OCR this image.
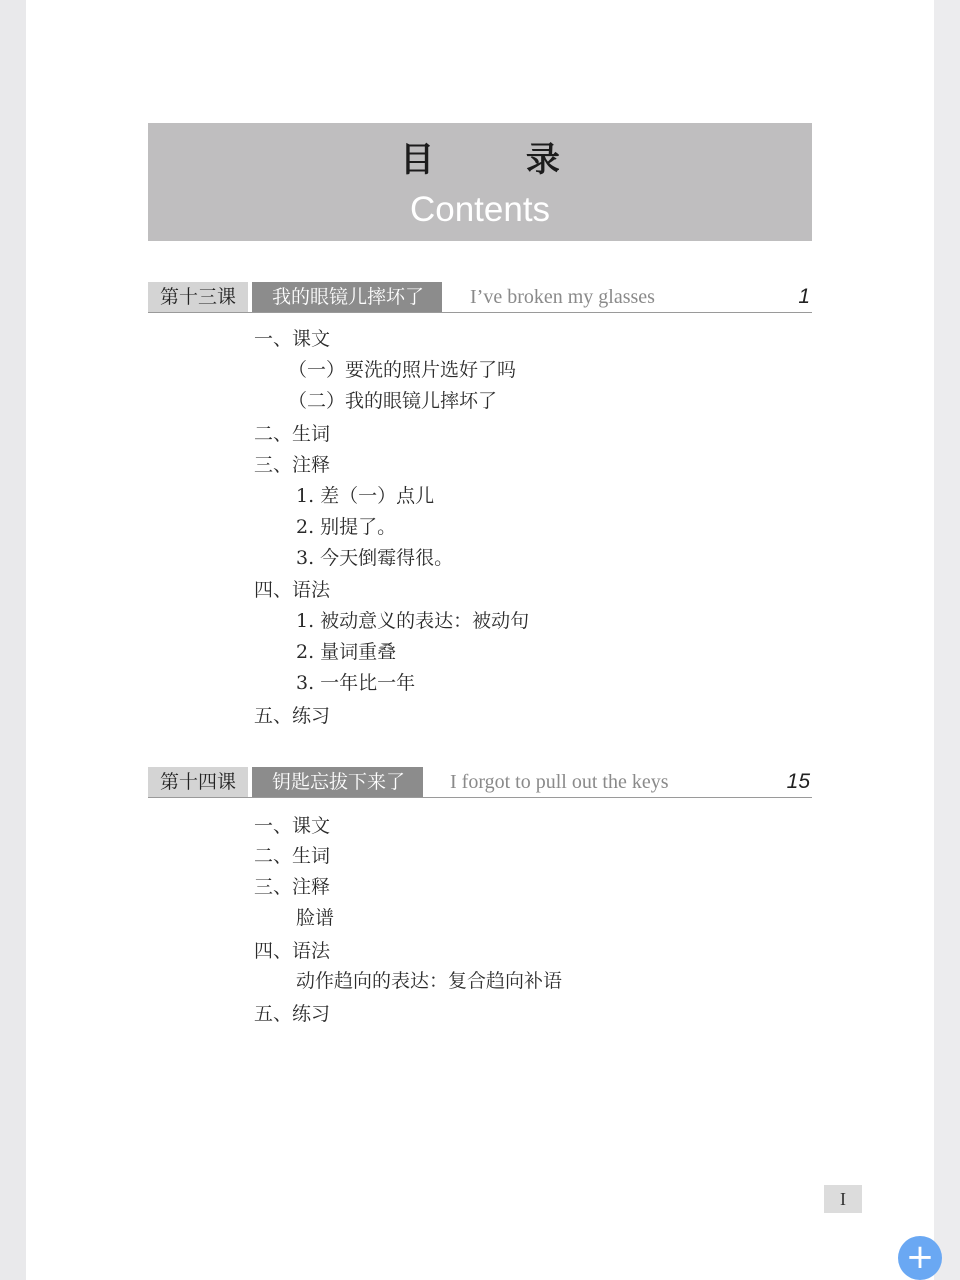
目 录
Contents
第十三课	我的眼镜儿摔坏了	I’ve broken my glasses	1
一、课文
（一）要洗的照片选好了吗
（二）我的眼镜儿摔坏了
二、生词
三、注释
1. 差（一）点儿
2. 别提了。
3. 今天倒霉得很。
四、语法
1. 被动意义的表达：被动句
2. 量词重叠
3. 一年比一年
五、练习
第十四课	钥匙忘拔下来了	I forgot to pull out the keys	15
一、课文
二、生词
三、注释
脸谱
四、语法
动作趋向的表达：复合趋向补语
五、练习
I
+
